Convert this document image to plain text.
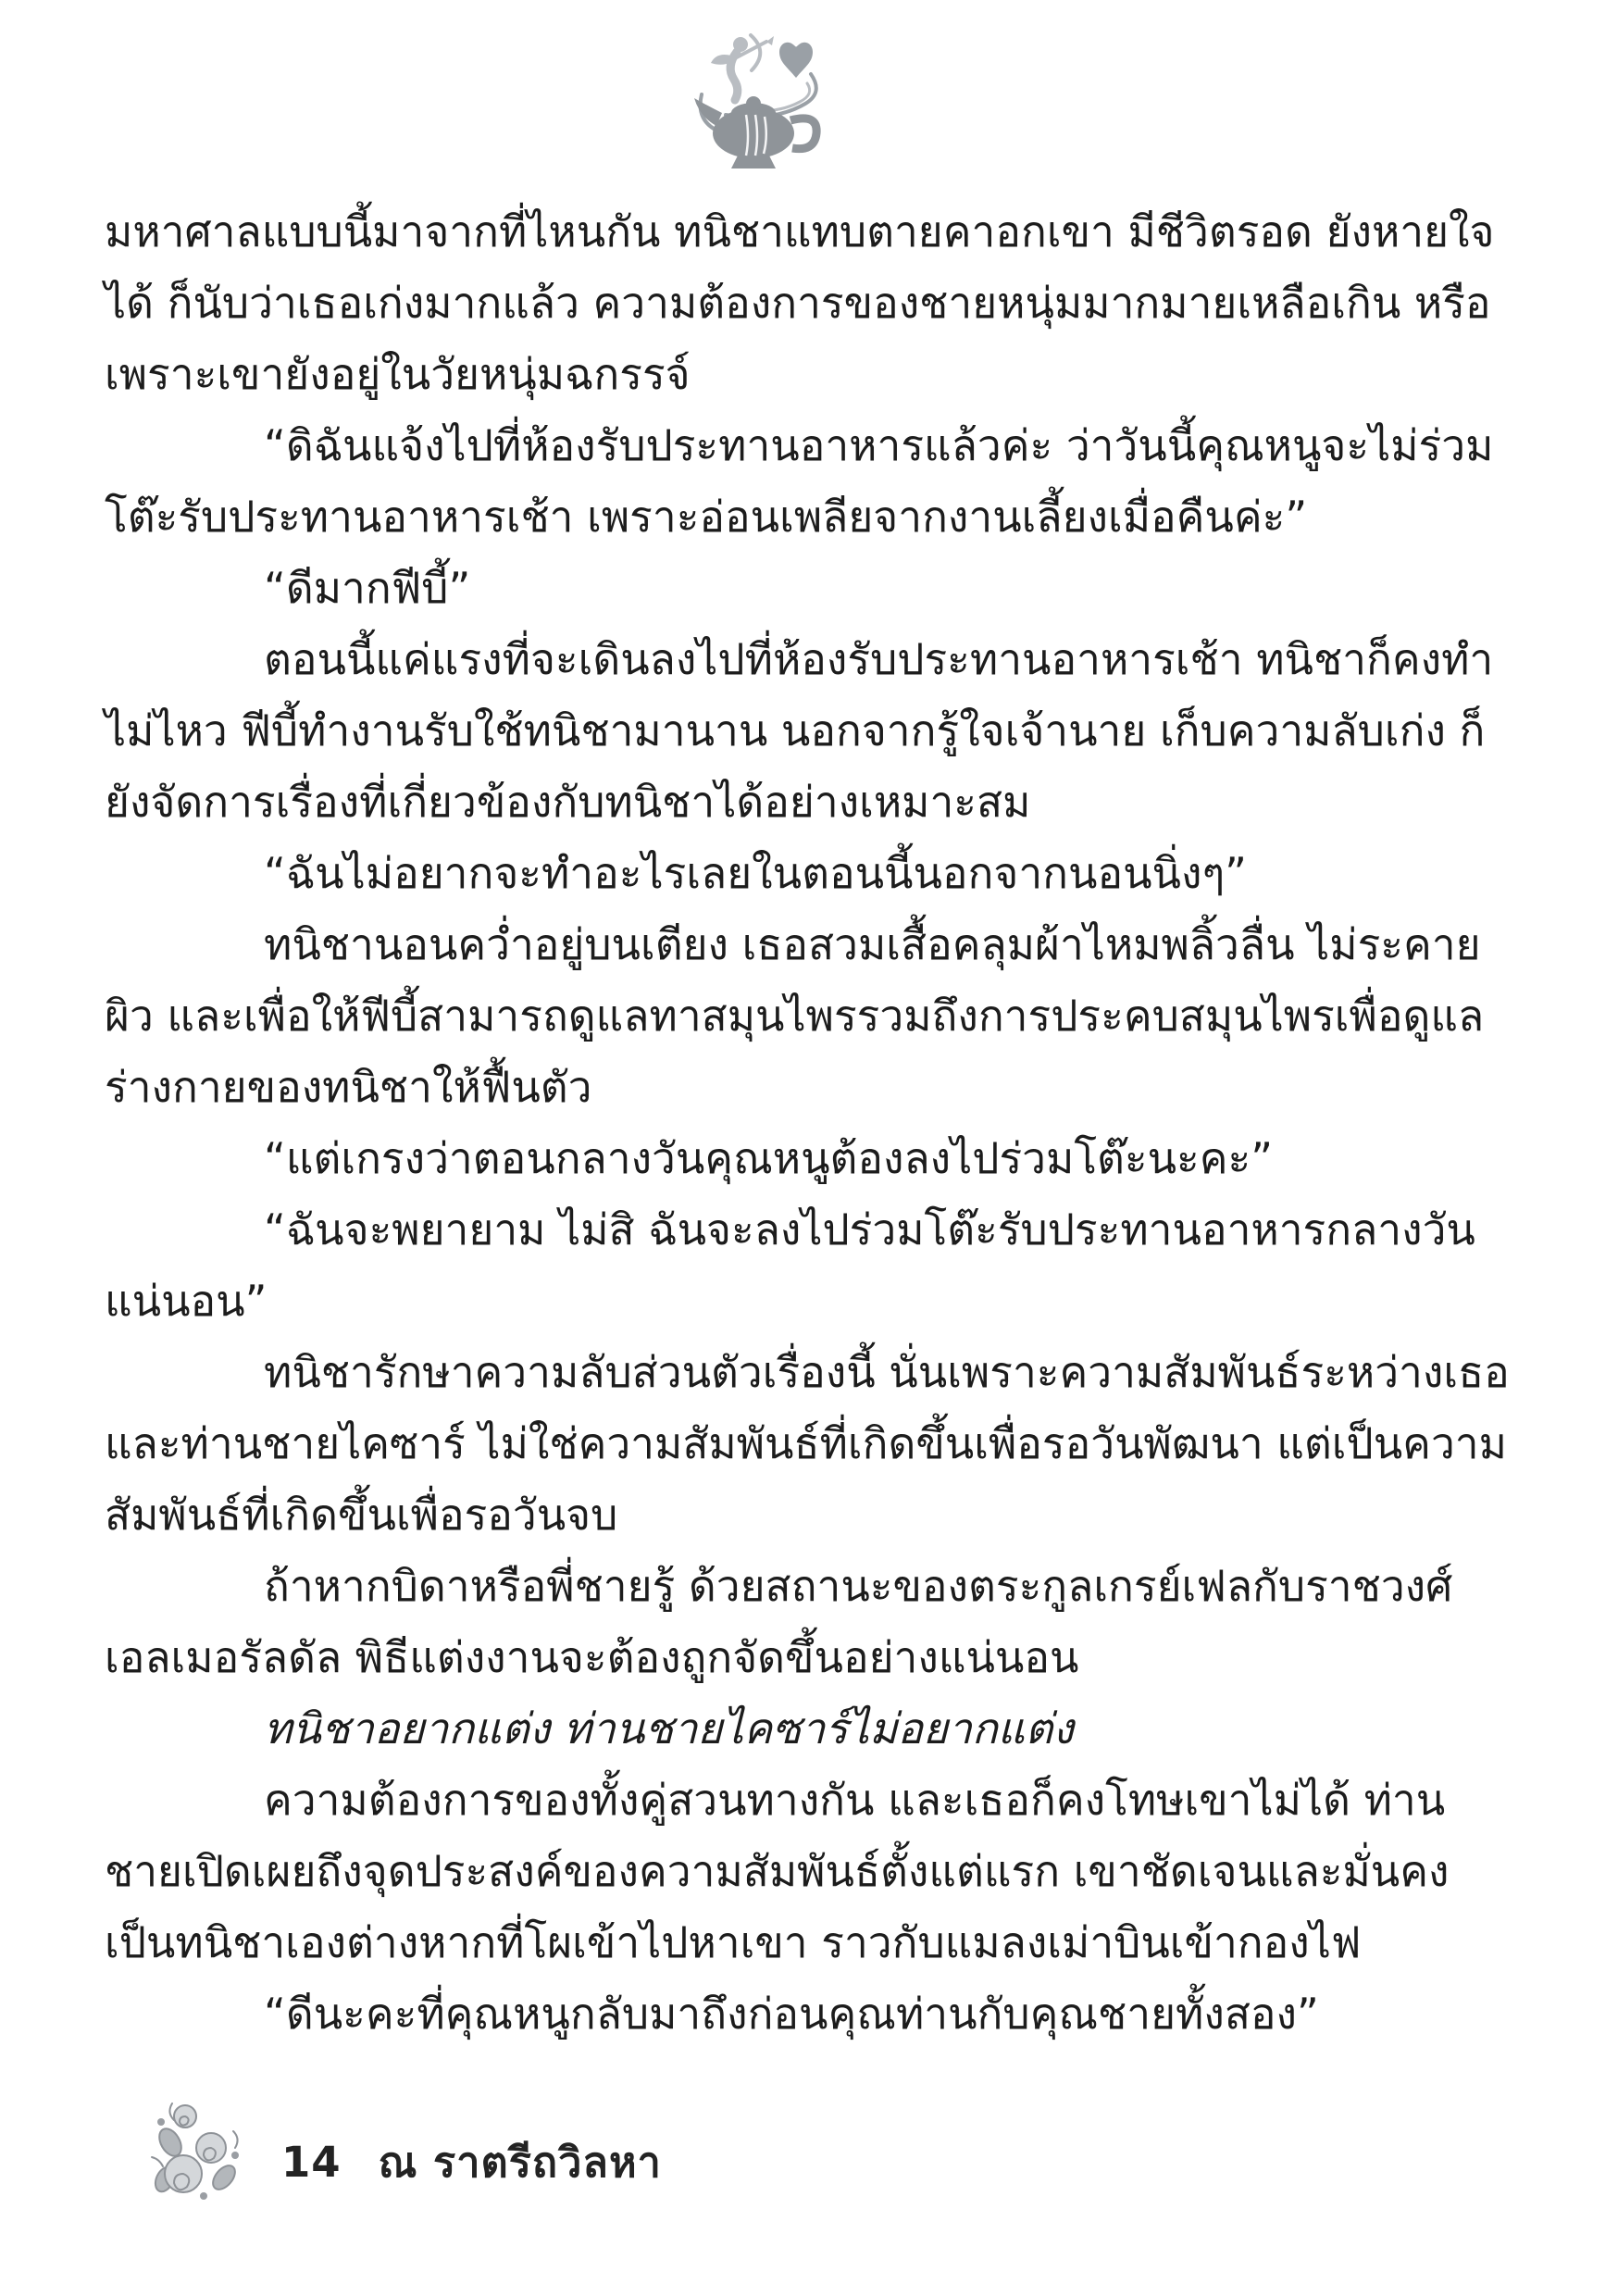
มหาศาลแบบนี้มาจากที่ไหนกัน ทนิชาแทบตายคาอกเขา มีชีวิตรอด ยังหายใจได้ ก็นับว่าเธอเก่งมากแล้ว ความต้องการของชายหนุ่มมากมายเหลือเกิน หรือเพราะเขายังอยู่ในวัยหนุ่มฉกรรจ์

“ดิฉันแจ้งไปที่ห้องรับประทานอาหารแล้วค่ะ ว่าวันนี้คุณหนูจะไม่ร่วมโต๊ะรับประทานอาหารเช้า เพราะอ่อนเพลียจากงานเลี้ยงเมื่อคืนค่ะ”

“ดีมากฟีบี้”

ตอนนี้แค่แรงที่จะเดินลงไปที่ห้องรับประทานอาหารเช้า ทนิชาก็คงทำไม่ไหว ฟีบี้ทำงานรับใช้ทนิชามานาน นอกจากรู้ใจเจ้านาย เก็บความลับเก่ง ก็ยังจัดการเรื่องที่เกี่ยวข้องกับทนิชาได้อย่างเหมาะสม

“ฉันไม่อยากจะทำอะไรเลยในตอนนี้นอกจากนอนนิ่งๆ”

ทนิชานอนคว่ำอยู่บนเตียง เธอสวมเสื้อคลุมผ้าไหมพลิ้วลื่น ไม่ระคายผิว และเพื่อให้ฟีบี้สามารถดูแลทาสมุนไพรรวมถึงการประคบสมุนไพรเพื่อดูแลร่างกายของทนิชาให้ฟื้นตัว

“แต่เกรงว่าตอนกลางวันคุณหนูต้องลงไปร่วมโต๊ะนะคะ”

“ฉันจะพยายาม ไม่สิ ฉันจะลงไปร่วมโต๊ะรับประทานอาหารกลางวันแน่นอน”

ทนิชารักษาความลับส่วนตัวเรื่องนี้ นั่นเพราะความสัมพันธ์ระหว่างเธอและท่านชายไคซาร์ ไม่ใช่ความสัมพันธ์ที่เกิดขึ้นเพื่อรอวันพัฒนา แต่เป็นความสัมพันธ์ที่เกิดขึ้นเพื่อรอวันจบ

ถ้าหากบิดาหรือพี่ชายรู้ ด้วยสถานะของตระกูลเกรย์เฟลกับราชวงศ์เอลเมอรัลดัล พิธีแต่งงานจะต้องถูกจัดขึ้นอย่างแน่นอน

ทนิชาอยากแต่ง ท่านชายไคซาร์ไม่อยากแต่ง

ความต้องการของทั้งคู่สวนทางกัน และเธอก็คงโทษเขาไม่ได้ ท่านชายเปิดเผยถึงจุดประสงค์ของความสัมพันธ์ตั้งแต่แรก เขาชัดเจนและมั่นคงเป็นทนิชาเองต่างหากที่โผเข้าไปหาเขา ราวกับแมลงเม่าบินเข้ากองไฟ

“ดีนะคะที่คุณหนูกลับมาถึงก่อนคุณท่านกับคุณชายทั้งสอง”

14 ณ ราตรีถวิลหา
